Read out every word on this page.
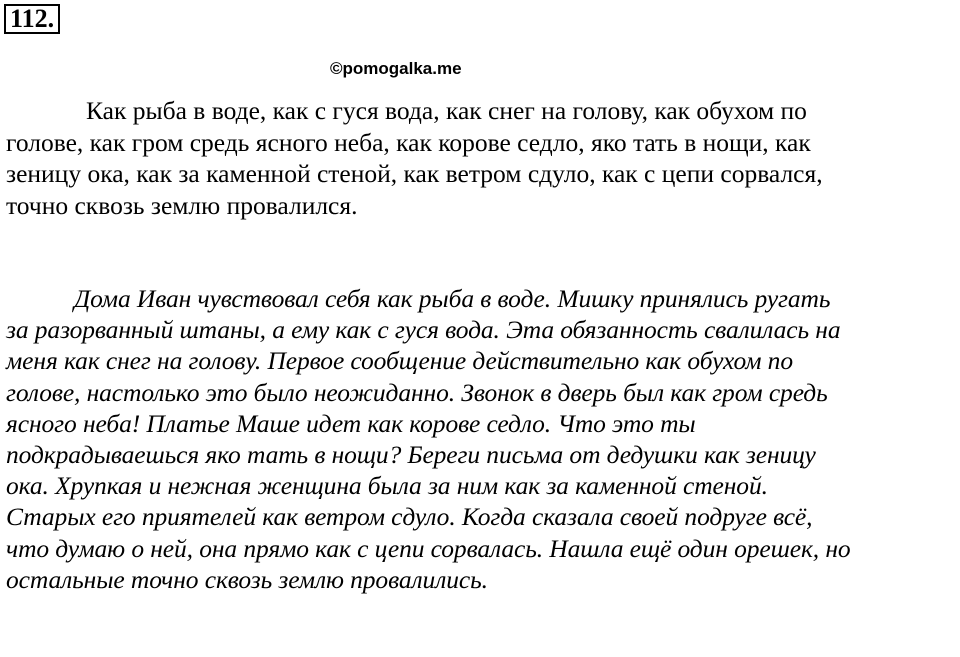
112.
©pomogalka.me
Как рыба в воде, как с гуся вода, как снег на голову, как обухом по
голове, как гром средь ясного неба, как корове седло, яко тать в нощи, как
зеницу ока, как за каменной стеной, как ветром сдуло, как с цепи сорвался,
точно сквозь землю провалился.
Дома Иван чувствовал себя как рыба в воде. Мишку принялись ругать
за разорванный штаны, а ему как с гуся вода. Эта обязанность свалилась на
меня как снег на голову. Первое сообщение действительно как обухом по
голове, настолько это было неожиданно. Звонок в дверь был как гром средь
ясного неба! Платье Маше идет как корове седло. Что это ты
подкрадываешься яко тать в нощи? Береги письма от дедушки как зеницу
ока. Хрупкая и нежная женщина была за ним как за каменной стеной.
Старых его приятелей как ветром сдуло. Когда сказала своей подруге всё,
что думаю о ней, она прямо как с цепи сорвалась. Нашла ещё один орешек, но
остальные точно сквозь землю провалились.
